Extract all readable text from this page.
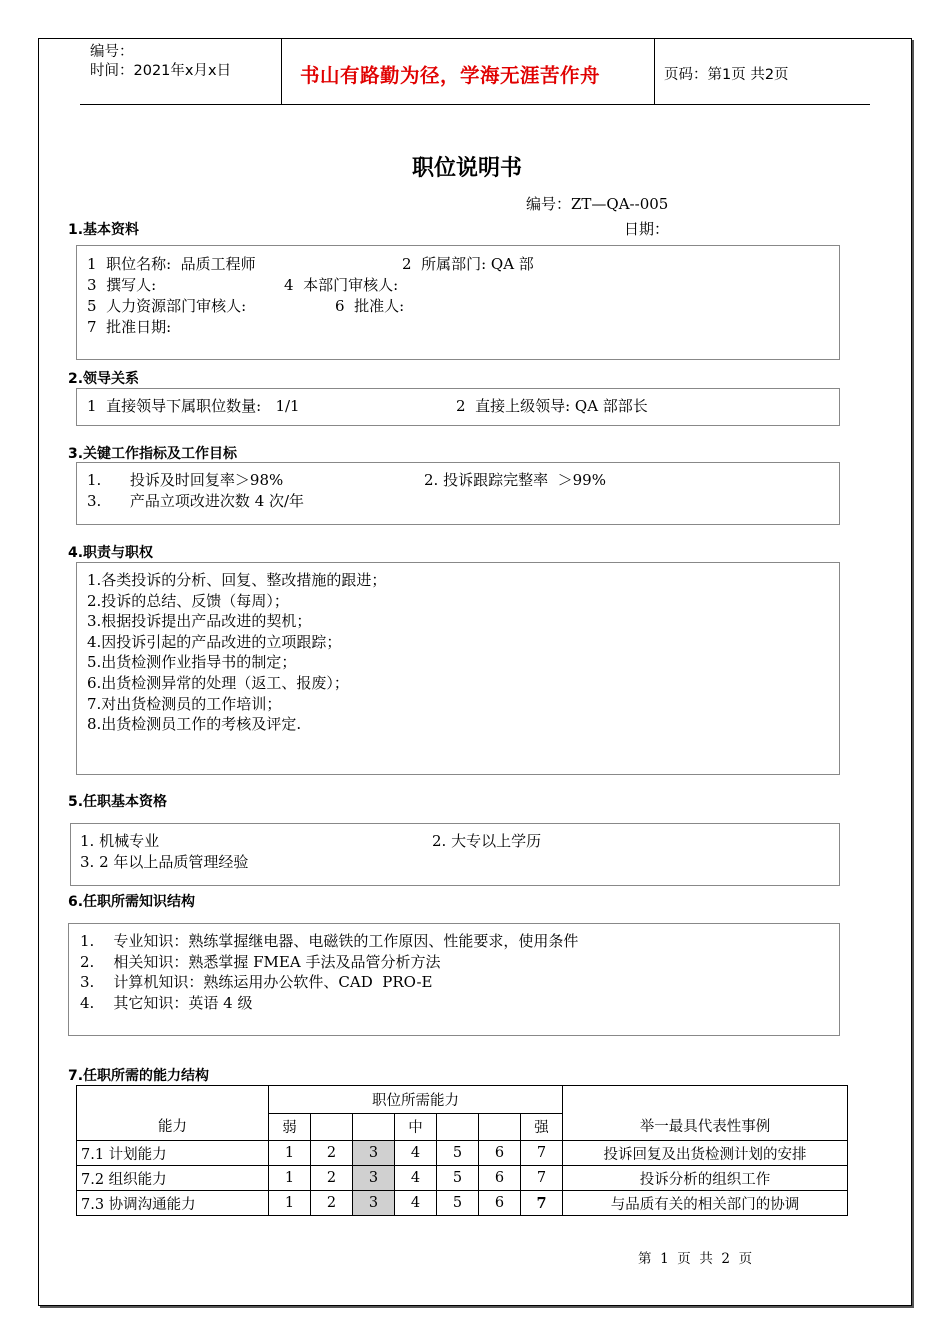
编号：
时间：2021年x月x日	书山有路勤为径，学海无涯苦作舟	页码：第1页 共2页
职位说明书
编号：ZT—QA--005
日期：
1.基本资料
1  职位名称:  品质工程师	2  所属部门: QA 部
3  撰写人:	4  本部门审核人:
5  人力资源部门审核人:	6  批准人:
7  批准日期:
2.领导关系
1  直接领导下属职位数量:   1/1	2  直接上级领导: QA 部部长
3.关键工作指标及工作目标
1.      投诉及时回复率＞98%	2. 投诉跟踪完整率  ＞99%
3.      产品立项改进次数 4 次/年
4.职责与职权
1.各类投诉的分析、回复、整改措施的跟进；
2.投诉的总结、反馈（每周）；
3.根据投诉提出产品改进的契机；
4.因投诉引起的产品改进的立项跟踪；
5.出货检测作业指导书的制定；
6.出货检测异常的处理（返工、报废）；
7.对出货检测员的工作培训；
8.出货检测员工作的考核及评定.
5.任职基本资格
1. 机械专业	2. 大专以上学历
3. 2 年以上品质管理经验
6.任职所需知识结构
1.    专业知识：熟练掌握继电器、电磁铁的工作原因、性能要求，使用条件
2.    相关知识：熟悉掌握 FMEA 手法及品管分析方法
3.    计算机知识：熟练运用办公软件、CAD  PRO-E
4.    其它知识：英语 4 级
7.任职所需的能力结构
能力	职位所需能力							举一最具代表性事例
	弱			中			强	
7.1 计划能力	1	2	3	4	5	6	7	投诉回复及出货检测计划的安排
7.2 组织能力	1	2	3	4	5	6	7	投诉分析的组织工作
7.3 协调沟通能力	1	2	3	4	5	6	7	与品质有关的相关部门的协调
第  1  页  共  2  页
